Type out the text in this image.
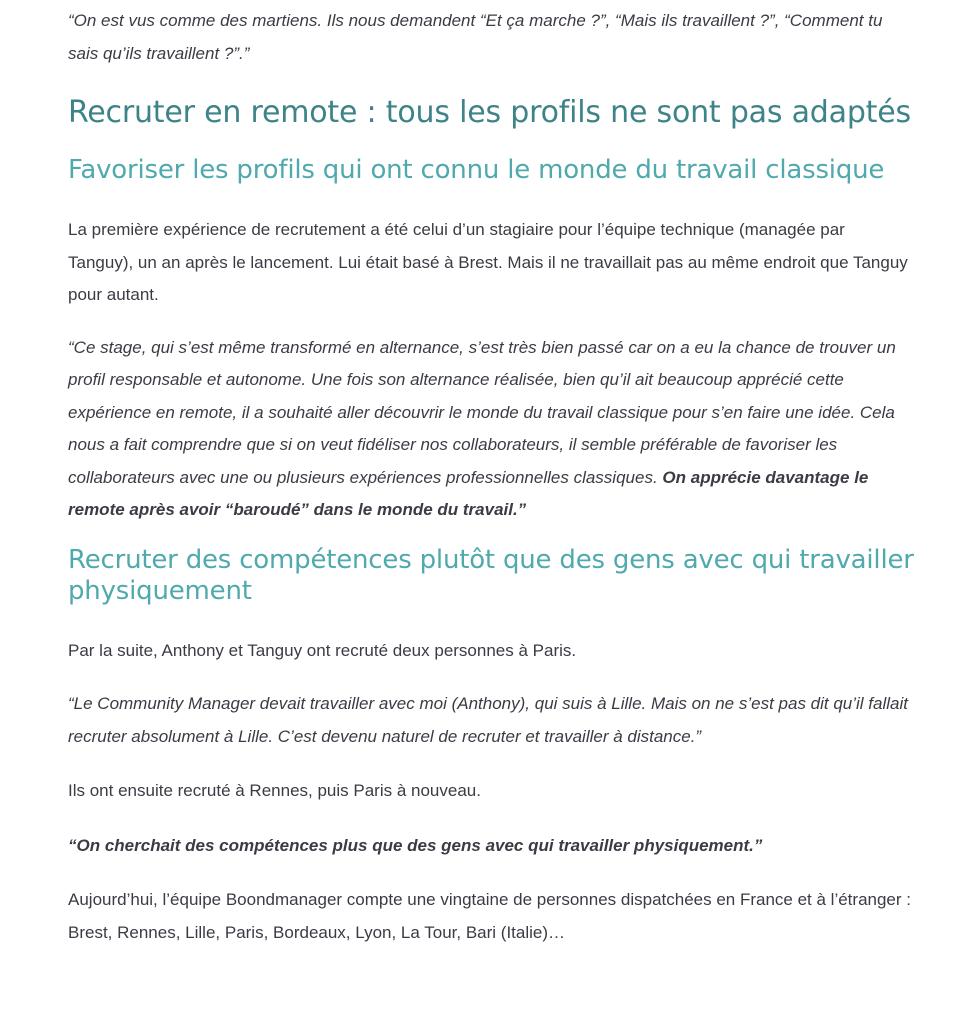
“On est vus comme des martiens. Ils nous demandent “Et ça marche ?”, “Mais ils travaillent ?”, “Comment tu sais qu’ils travaillent ?”.”

Recruter en remote : tous les profils ne sont pas adaptés
Favoriser les profils qui ont connu le monde du travail classique

La première expérience de recrutement a été celui d’un stagiaire pour l’équipe technique (managée par Tanguy), un an après le lancement. Lui était basé à Brest. Mais il ne travaillait pas au même endroit que Tanguy pour autant.

“Ce stage, qui s’est même transformé en alternance, s’est très bien passé car on a eu la chance de trouver un profil responsable et autonome. Une fois son alternance réalisée, bien qu’il ait beaucoup apprécié cette expérience en remote, il a souhaité aller découvrir le monde du travail classique pour s’en faire une idée. Cela nous a fait comprendre que si on veut fidéliser nos collaborateurs, il semble préférable de favoriser les collaborateurs avec une ou plusieurs expériences professionnelles classiques. On apprécie davantage le remote après avoir “baroudé” dans le monde du travail.”

Recruter des compétences plutôt que des gens avec qui travailler physiquement

Par la suite, Anthony et Tanguy ont recruté deux personnes à Paris.

“Le Community Manager devait travailler avec moi (Anthony), qui suis à Lille. Mais on ne s’est pas dit qu’il fallait recruter absolument à Lille. C’est devenu naturel de recruter et travailler à distance.”

Ils ont ensuite recruté à Rennes, puis Paris à nouveau.

“On cherchait des compétences plus que des gens avec qui travailler physiquement.”

Aujourd’hui, l’équipe Boondmanager compte une vingtaine de personnes dispatchées en France et à l’étranger : Brest, Rennes, Lille, Paris, Bordeaux, Lyon, La Tour, Bari (Italie)…
